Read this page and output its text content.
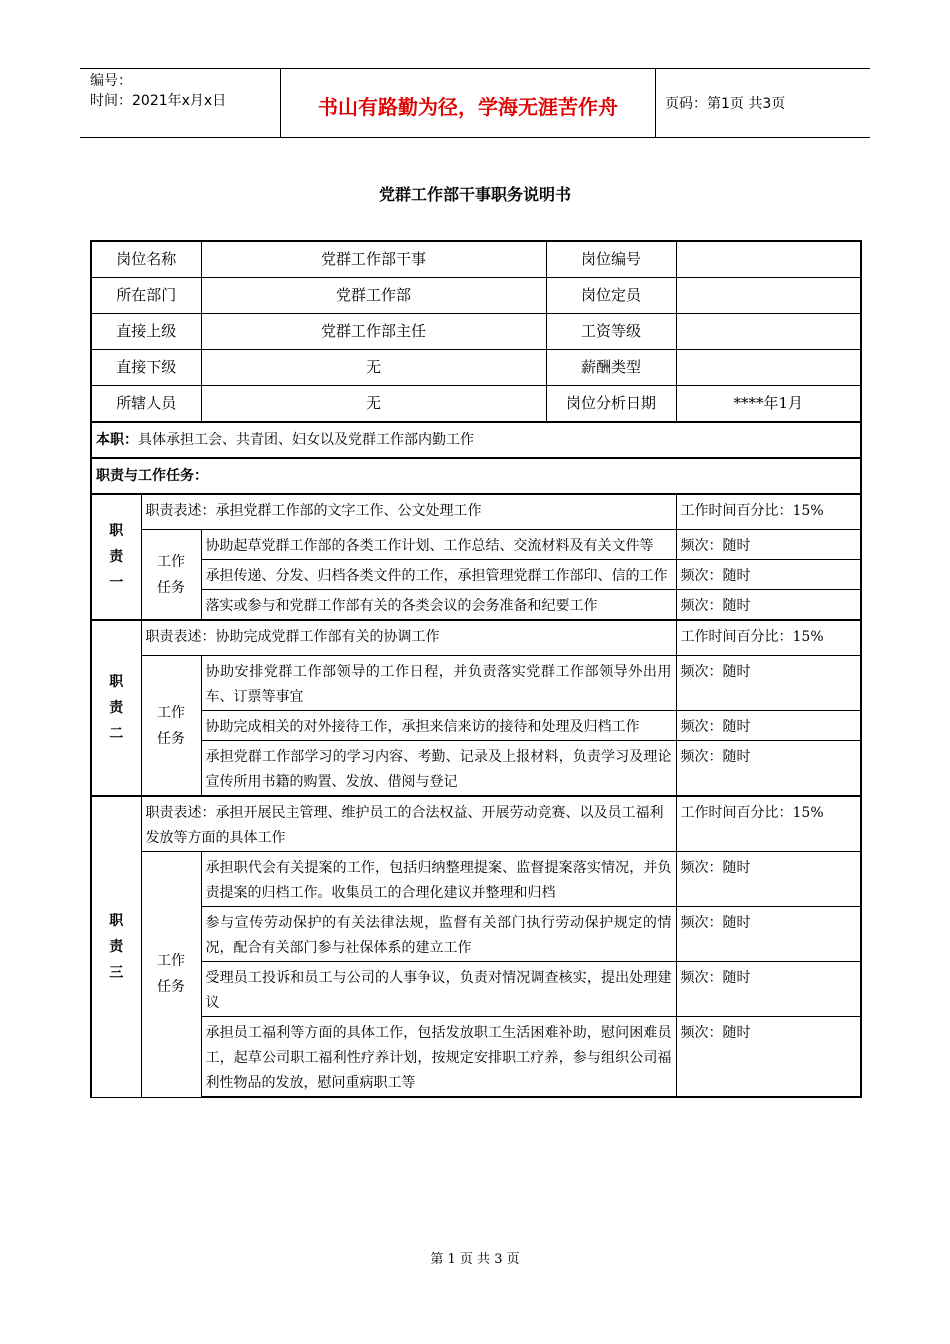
编号：
时间：2021年x月x日	书山有路勤为径，学海无涯苦作舟	页码：第1页 共3页
党群工作部干事职务说明书
岗位名称		党群工作部干事	岗位编号	
所在部门		党群工作部	岗位定员	
直接上级		党群工作部主任	工资等级	
直接下级		无	薪酬类型	
所辖人员		无	岗位分析日期	****年1月
本职：具体承担工会、共青团、妇女以及党群工作部内勤工作				
职责与工作任务：				
职责一	职责表述：承担党群工作部的文字工作、公文处理工作			工作时间百分比：15%
	工作任务	协助起草党群工作部的各类工作计划、工作总结、交流材料及有关文件等		频次：随时
		承担传递、分发、归档各类文件的工作，承担管理党群工作部印、信的工作		频次：随时
		落实或参与和党群工作部有关的各类会议的会务准备和纪要工作		频次：随时
职责二	职责表述：协助完成党群工作部有关的协调工作			工作时间百分比：15%
	工作任务	协助安排党群工作部领导的工作日程，并负责落实党群工作部领导外出用车、订票等事宜		频次：随时
		协助完成相关的对外接待工作，承担来信来访的接待和处理及归档工作		频次：随时
		承担党群工作部学习的学习内容、考勤、记录及上报材料，负责学习及理论宣传所用书籍的购置、发放、借阅与登记		频次：随时
职责三	职责表述：承担开展民主管理、维护员工的合法权益、开展劳动竞赛、以及员工福利发放等方面的具体工作			工作时间百分比：15%
	工作任务	承担职代会有关提案的工作，包括归纳整理提案、监督提案落实情况，并负责提案的归档工作。收集员工的合理化建议并整理和归档		频次：随时
		参与宣传劳动保护的有关法律法规，监督有关部门执行劳动保护规定的情况，配合有关部门参与社保体系的建立工作		频次：随时
		受理员工投诉和员工与公司的人事争议，负责对情况调查核实，提出处理建议		频次：随时
		承担员工福利等方面的具体工作，包括发放职工生活困难补助，慰问困难员工，起草公司职工福利性疗养计划，按规定安排职工疗养，参与组织公司福利性物品的发放，慰问重病职工等		频次：随时
第 1 页 共 3 页
